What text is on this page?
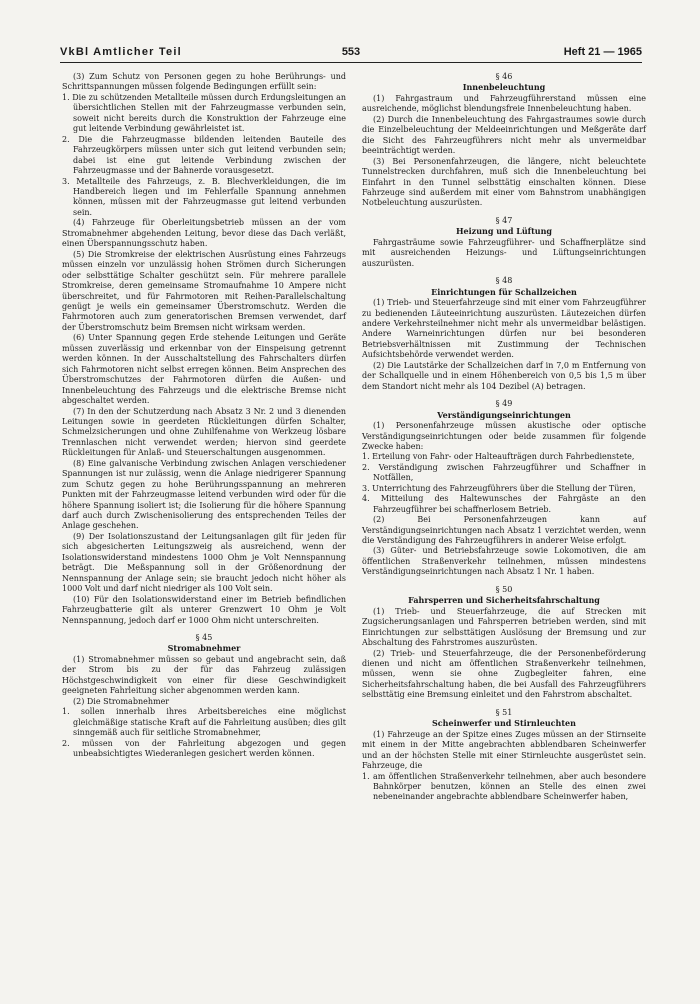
VkBl Amtlicher Teil	553	Heft 21 — 1965

(3) Zum Schutz von Personen gegen zu hohe Berührungs- und Schrittspannungen müssen folgende Bedingungen erfüllt sein:

1. Die zu schützenden Metallteile müssen durch Erdungsleitungen an übersichtlichen Stellen mit der Fahrzeugmasse verbunden sein, soweit nicht bereits durch die Konstruktion der Fahrzeuge eine gut leitende Verbindung gewährleistet ist.

2. Die die Fahrzeugmasse bildenden leitenden Bauteile des Fahrzeugkörpers müssen unter sich gut leitend verbunden sein; dabei ist eine gut leitende Verbindung zwischen der Fahrzeugmasse und der Bahnerde vorausgesetzt.

3. Metallteile des Fahrzeugs, z. B. Blechverkleidungen, die im Handbereich liegen und im Fehlerfalle Spannung annehmen können, müssen mit der Fahrzeugmasse gut leitend verbunden sein.

(4) Fahrzeuge für Oberleitungsbetrieb müssen an der vom Stromabnehmer abgehenden Leitung, bevor diese das Dach verläßt, einen Überspannungsschutz haben.

(5) Die Stromkreise der elektrischen Ausrüstung eines Fahrzeugs müssen einzeln vor unzulässig hohen Strömen durch Sicherungen oder selbsttätige Schalter geschützt sein. Für mehrere parallele Stromkreise, deren gemeinsame Stromaufnahme 10 Ampere nicht überschreitet, und für Fahrmotoren mit Reihen-Parallelschaltung genügt je weils ein gemeinsamer Überstromschutz. Werden die Fahrmotoren auch zum generatorischen Bremsen verwendet, darf der Überstromschutz beim Bremsen nicht wirksam werden.

(6) Unter Spannung gegen Erde stehende Leitungen und Geräte müssen zuverlässig und erkennbar von der Einspeisung getrennt werden können. In der Ausschaltstellung des Fahrschalters dürfen sich Fahrmotoren nicht selbst erregen können. Beim Ansprechen des Überstromschutzes der Fahrmotoren dürfen die Außen- und Innenbeleuchtung des Fahrzeugs und die elektrische Bremse nicht abgeschaltet werden.

(7) In den der Schutzerdung nach Absatz 3 Nr. 2 und 3 dienenden Leitungen sowie in geerdeten Rückleitungen dürfen Schalter, Schmelzsicherungen und ohne Zuhilfenahme von Werkzeug lösbare Trennlaschen nicht verwendet werden; hiervon sind geerdete Rückleitungen für Anlaß- und Steuerschaltungen ausgenommen.

(8) Eine galvanische Verbindung zwischen Anlagen verschiedener Spannungen ist nur zulässig, wenn die Anlage niedrigerer Spannung zum Schutz gegen zu hohe Berührungsspannung an mehreren Punkten mit der Fahrzeugmasse leitend verbunden wird oder für die höhere Spannung isoliert ist; die Isolierung für die höhere Spannung darf auch durch Zwischenisolierung des entsprechenden Teiles der Anlage geschehen.

(9) Der Isolationszustand der Leitungsanlagen gilt für jeden für sich abgesicherten Leitungszweig als ausreichend, wenn der Isolationswiderstand mindestens 1000 Ohm je Volt Nennspannung beträgt. Die Meßspannung soll in der Größenordnung der Nennspannung der Anlage sein; sie braucht jedoch nicht höher als 1000 Volt und darf nicht niedriger als 100 Volt sein.

(10) Für den Isolationswiderstand einer im Betrieb befindlichen Fahrzeugbatterie gilt als unterer Grenzwert 10 Ohm je Volt Nennspannung, jedoch darf er 1000 Ohm nicht unterschreiten.

§ 45

Stromabnehmer

(1) Stromabnehmer müssen so gebaut und angebracht sein, daß der Strom bis zu der für das Fahrzeug zulässigen Höchstgeschwindigkeit von einer für diese Geschwindigkeit geeigneten Fahrleitung sicher abgenommen werden kann.

(2) Die Stromabnehmer

1. sollen innerhalb ihres Arbeitsbereiches eine möglichst gleichmäßige statische Kraft auf die Fahrleitung ausüben; dies gilt sinngemäß auch für seitliche Stromabnehmer,

2. müssen von der Fahrleitung abgezogen und gegen unbeabsichtigtes Wiederanlegen gesichert werden können.

§ 46

Innenbeleuchtung

(1) Fahrgastraum und Fahrzeugführerstand müssen eine ausreichende, möglichst blendungsfreie Innenbeleuchtung haben.

(2) Durch die Innenbeleuchtung des Fahrgastraumes sowie durch die Einzelbeleuchtung der Meldeeinrichtungen und Meßgeräte darf die Sicht des Fahrzeugführers nicht mehr als unvermeidbar beeinträchtigt werden.

(3) Bei Personenfahrzeugen, die längere, nicht beleuchtete Tunnelstrecken durchfahren, muß sich die Innenbeleuchtung bei Einfahrt in den Tunnel selbsttätig einschalten können. Diese Fahrzeuge sind außerdem mit einer vom Bahnstrom unabhängigen Notbeleuchtung auszurüsten.

§ 47

Heizung und Lüftung

Fahrgasträume sowie Fahrzeugführer- und Schaffnerplätze sind mit ausreichenden Heizungs- und Lüftungseinrichtungen auszurüsten.

§ 48

Einrichtungen für Schallzeichen

(1) Trieb- und Steuerfahrzeuge sind mit einer vom Fahrzeugführer zu bedienenden Läuteeinrichtung auszurüsten. Läutezeichen dürfen andere Verkehrsteilnehmer nicht mehr als unvermeidbar belästigen. Andere Warneinrichtungen dürfen nur bei besonderen Betriebsverhältnissen mit Zustimmung der Technischen Aufsichtsbehörde verwendet werden.

(2) Die Lautstärke der Schallzeichen darf in 7,0 m Entfernung von der Schallquelle und in einem Höhenbereich von 0,5 bis 1,5 m über dem Standort nicht mehr als 104 Dezibel (A) betragen.

§ 49

Verständigungseinrichtungen

(1) Personenfahrzeuge müssen akustische oder optische Verständigungseinrichtungen oder beide zusammen für folgende Zwecke haben:

1. Erteilung von Fahr- oder Halteaufträgen durch Fahrbedienstete,

2. Verständigung zwischen Fahrzeugführer und Schaffner in Notfällen,

3. Unterrichtung des Fahrzeugführers über die Stellung der Türen,

4. Mitteilung des Haltewunsches der Fahrgäste an den Fahrzeugführer bei schaffnerlosem Betrieb.

(2) Bei Personenfahrzeugen kann auf Verständigungseinrichtungen nach Absatz 1 verzichtet werden, wenn die Verständigung des Fahrzeugführers in anderer Weise erfolgt.

(3) Güter- und Betriebsfahrzeuge sowie Lokomotiven, die am öffentlichen Straßenverkehr teilnehmen, müssen mindestens Verständigungseinrichtungen nach Absatz 1 Nr. 1 haben.

§ 50

Fahrsperren und Sicherheitsfahrschaltung

(1) Trieb- und Steuerfahrzeuge, die auf Strecken mit Zugsicherungsanlagen und Fahrsperren betrieben werden, sind mit Einrichtungen zur selbsttätigen Auslösung der Bremsung und zur Abschaltung des Fahrstromes auszurüsten.

(2) Trieb- und Steuerfahrzeuge, die der Personenbeförderung dienen und nicht am öffentlichen Straßenverkehr teilnehmen, müssen, wenn sie ohne Zugbegleiter fahren, eine Sicherheitsfahrschaltung haben, die bei Ausfall des Fahrzeugführers selbsttätig eine Bremsung einleitet und den Fahrstrom abschaltet.

§ 51

Scheinwerfer und Stirnleuchten

(1) Fahrzeuge an der Spitze eines Zuges müssen an der Stirnseite mit einem in der Mitte angebrachten abblendbaren Scheinwerfer und an der höchsten Stelle mit einer Stirnleuchte ausgerüstet sein. Fahrzeuge, die

1. am öffentlichen Straßenverkehr teilnehmen, aber auch besondere Bahnkörper benutzen, können an Stelle des einen zwei nebeneinander angebrachte abblendbare Scheinwerfer haben,
